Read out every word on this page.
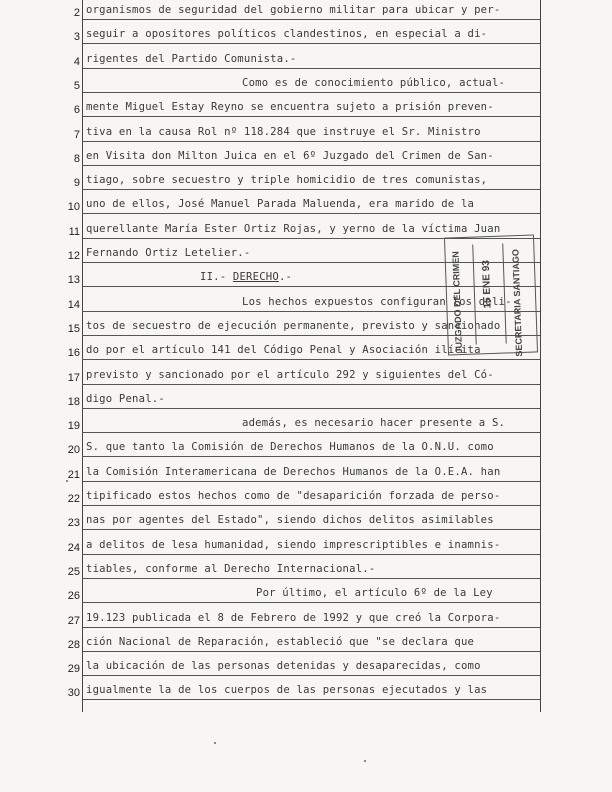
2 organismos de seguridad del gobierno militar para ubicar y per-
3 seguir a opositores políticos clandestinos, en especial a di-
4 rigentes del Partido Comunista.-
5	Como es de conocimiento público, actual-
6 mente Miguel Estay Reyno se encuentra sujeto a prisión preven-
7 tiva en la causa Rol nº 118.284 que instruye el Sr. Ministro
8 en Visita don Milton Juica en el 6º Juzgado del Crimen de San-
9 tiago, sobre secuestro y triple homicidio de tres comunistas,
10 uno de ellos, José Manuel Parada Maluenda, era marido de la
11 querellante María Ester Ortiz Rojas, y yerno de la víctima Juan
12 Fernando Ortiz Letelier.-
13	II.- DERECHO.-
14	Los hechos expuestos configuran los deli-
15 tos de secuestro de ejecución permanente, previsto y sancionado
16 do por el artículo 141 del Código Penal y Asociación ilícita
17 previsto y sancionado por el artículo 292 y siguientes del Có-
18 digo Penal.-
19	además, es necesario hacer presente a S.
20 S. que tanto la Comisión de Derechos Humanos de la O.N.U. como
21 la Comisión Interamericana de Derechos Humanos de la O.E.A. han
22 tipificado estos hechos como de "desaparición forzada de perso-
23 nas por agentes del Estado", siendo dichos delitos asimilables
24 a delitos de lesa humanidad, siendo imprescriptibles e inamnis-
25 tiables, conforme al Derecho Internacional.-
26	Por último, el artículo 6º de la Ley
27 19.123 publicada el 8 de Febrero de 1992 y que creó la Corpora-
28 ción Nacional de Reparación, estableció que "se declara que
29 la ubicación de las personas detenidas y desaparecidas, como
30 igualmente la de los cuerpos de las personas ejecutados y las
JUZGADO DEL CRIMEN 15 ENE 93 SECRETARIA SANTIAGO
